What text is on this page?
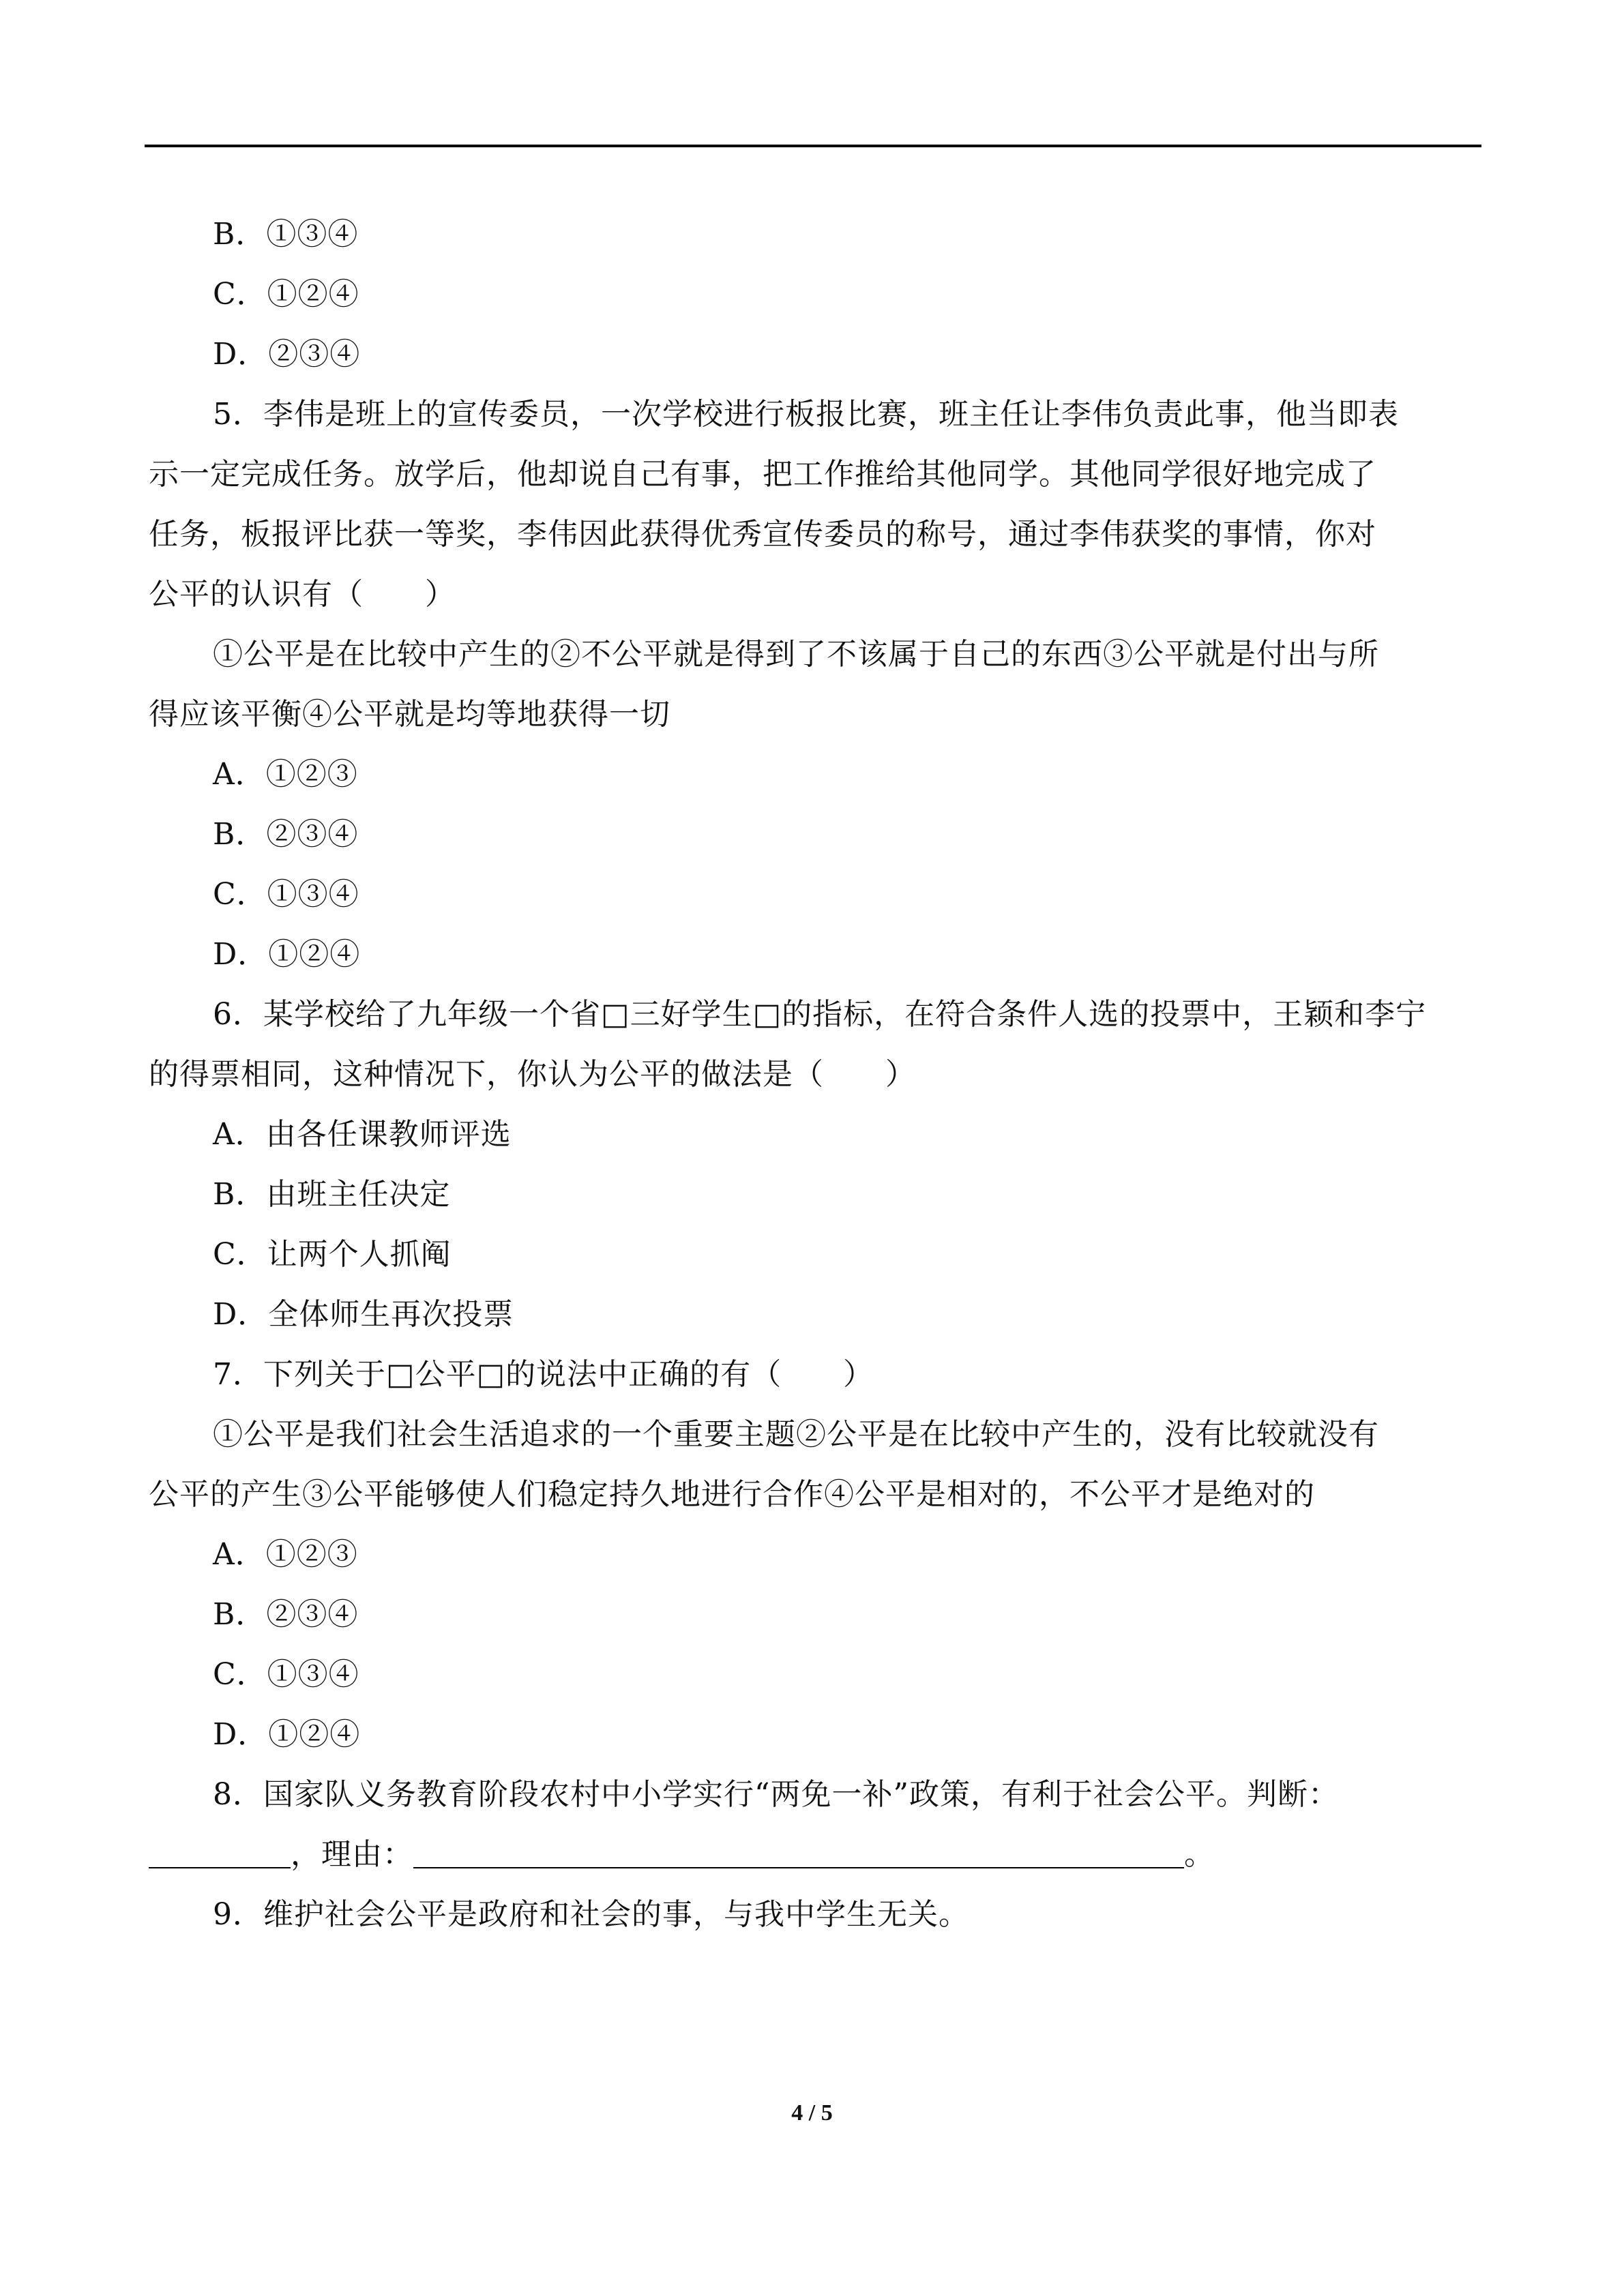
B．①③④
C．①②④
D．②③④
5．李伟是班上的宣传委员，一次学校进行板报比赛，班主任让李伟负责此事，他当即表
示一定完成任务。放学后，他却说自己有事，把工作推给其他同学。其他同学很好地完成了
任务，板报评比获一等奖，李伟因此获得优秀宣传委员的称号，通过李伟获奖的事情，你对
公平的认识有（　　）
①公平是在比较中产生的②不公平就是得到了不该属于自己的东西③公平就是付出与所
得应该平衡④公平就是均等地获得一切
A．①②③
B．②③④
C．①③④
D．①②④
6．某学校给了九年级一个省□三好学生□的指标，在符合条件人选的投票中，王颖和李宁
的得票相同，这种情况下，你认为公平的做法是（　　）
A．由各任课教师评选
B．由班主任决定
C．让两个人抓阄
D．全体师生再次投票
7．下列关于□公平□的说法中正确的有（　　）
①公平是我们社会生活追求的一个重要主题②公平是在比较中产生的，没有比较就没有
公平的产生③公平能够使人们稳定持久地进行合作④公平是相对的，不公平才是绝对的
A．①②③
B．②③④
C．①③④
D．①②④
8．国家队义务教育阶段农村中小学实行“两免一补”政策，有利于社会公平。判断：
，理由：	。
9．维护社会公平是政府和社会的事，与我中学生无关。
4 / 5
